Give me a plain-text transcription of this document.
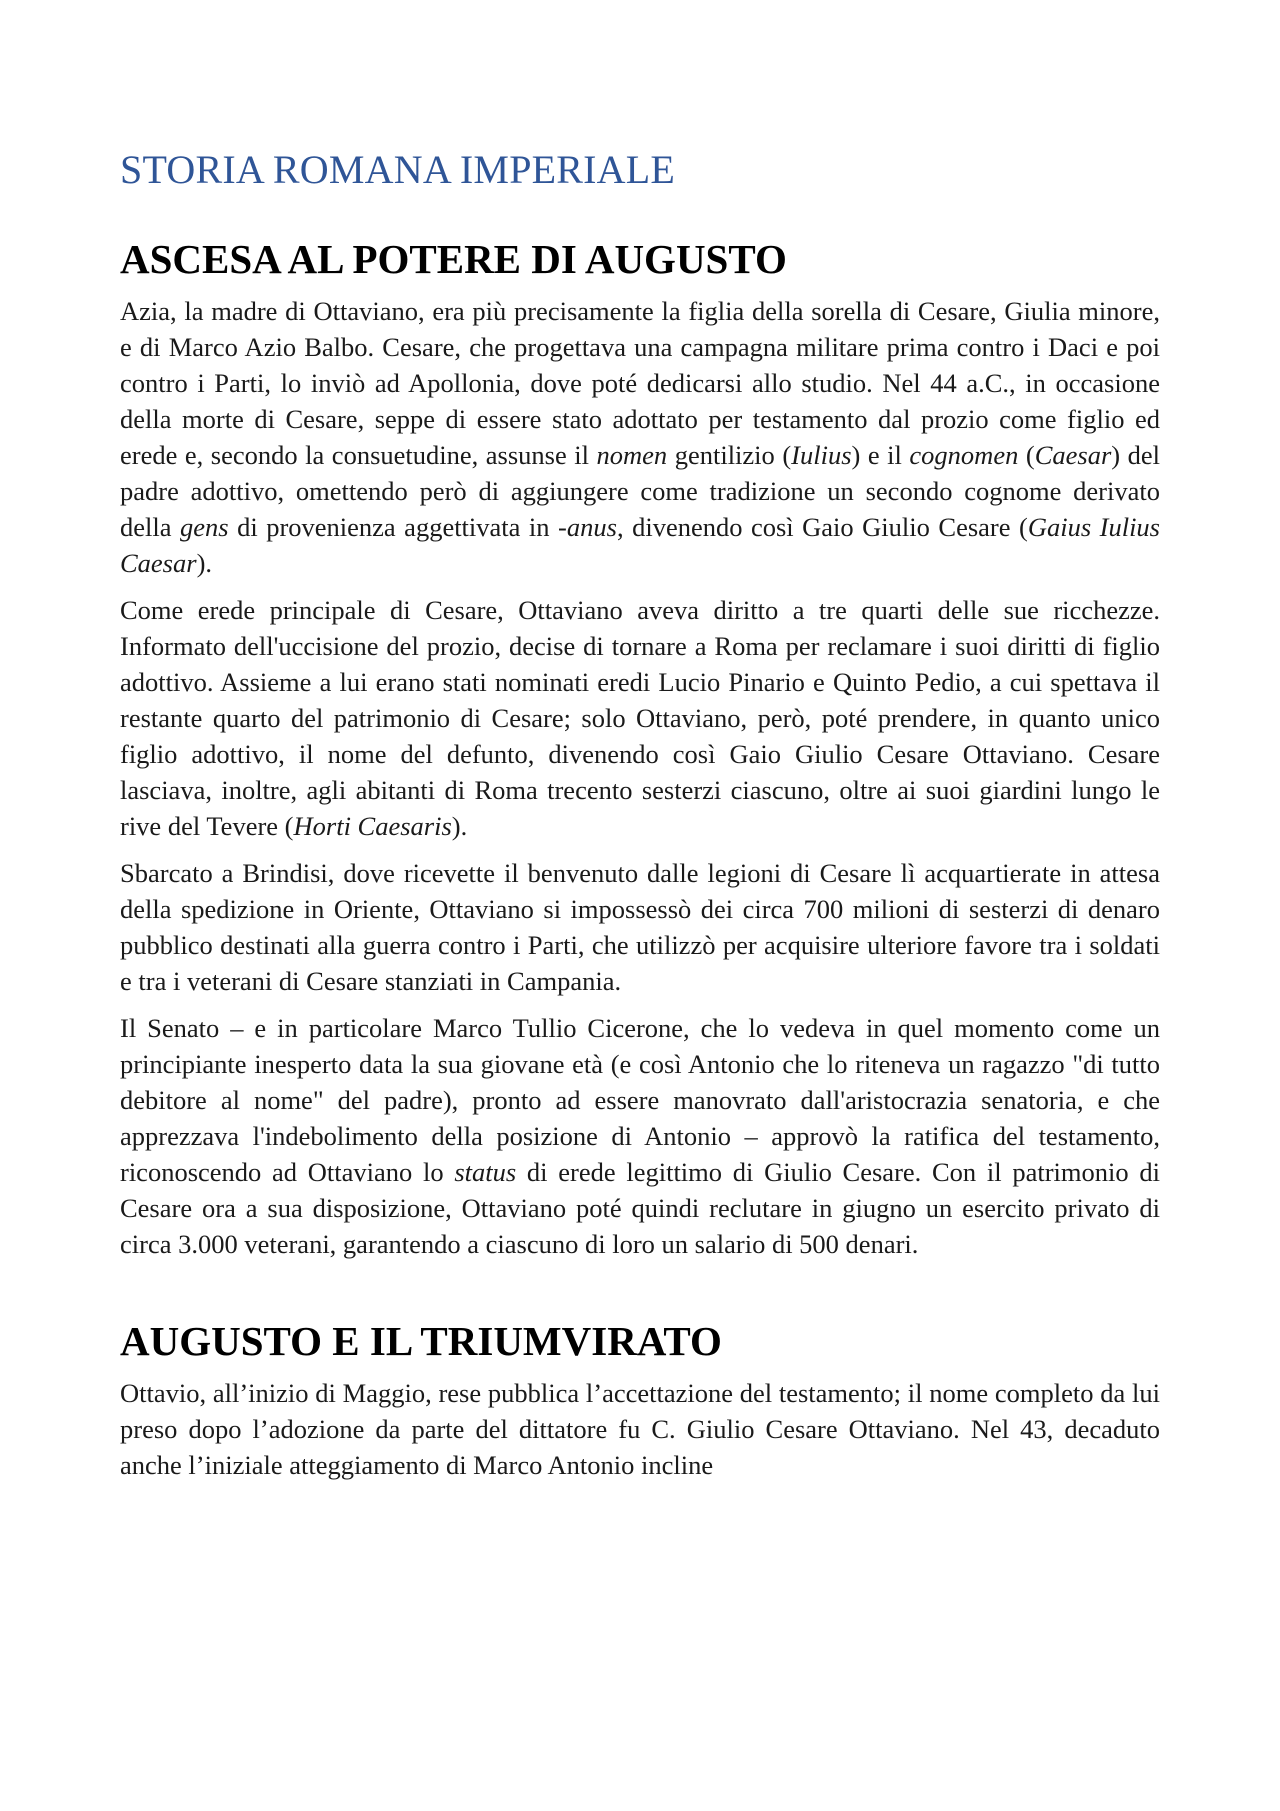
STORIA ROMANA IMPERIALE
ASCESA AL POTERE DI AUGUSTO

Azia, la madre di Ottaviano, era più precisamente la figlia della sorella di Cesare, Giulia minore, e di Marco Azio Balbo. Cesare, che progettava una campagna militare prima contro i Daci e poi contro i Parti, lo inviò ad Apollonia, dove poté dedicarsi allo studio. Nel 44 a.C., in occasione della morte di Cesare, seppe di essere stato adottato per testamento dal prozio come figlio ed erede e, secondo la consuetudine, assunse il nomen gentilizio (Iulius) e il cognomen (Caesar) del padre adottivo, omettendo però di aggiungere come tradizione un secondo cognome derivato della gens di provenienza aggettivata in -anus, divenendo così Gaio Giulio Cesare (Gaius Iulius Caesar).

Come erede principale di Cesare, Ottaviano aveva diritto a tre quarti delle sue ricchezze. Informato dell'uccisione del prozio, decise di tornare a Roma per reclamare i suoi diritti di figlio adottivo. Assieme a lui erano stati nominati eredi Lucio Pinario e Quinto Pedio, a cui spettava il restante quarto del patrimonio di Cesare; solo Ottaviano, però, poté prendere, in quanto unico figlio adottivo, il nome del defunto, divenendo così Gaio Giulio Cesare Ottaviano. Cesare lasciava, inoltre, agli abitanti di Roma trecento sesterzi ciascuno, oltre ai suoi giardini lungo le rive del Tevere (Horti Caesaris).

Sbarcato a Brindisi, dove ricevette il benvenuto dalle legioni di Cesare lì acquartierate in attesa della spedizione in Oriente, Ottaviano si impossessò dei circa 700 milioni di sesterzi di denaro pubblico destinati alla guerra contro i Parti, che utilizzò per acquisire ulteriore favore tra i soldati e tra i veterani di Cesare stanziati in Campania.

Il Senato – e in particolare Marco Tullio Cicerone, che lo vedeva in quel momento come un principiante inesperto data la sua giovane età (e così Antonio che lo riteneva un ragazzo "di tutto debitore al nome" del padre), pronto ad essere manovrato dall'aristocrazia senatoria, e che apprezzava l'indebolimento della posizione di Antonio – approvò la ratifica del testamento, riconoscendo ad Ottaviano lo status di erede legittimo di Giulio Cesare. Con il patrimonio di Cesare ora a sua disposizione, Ottaviano poté quindi reclutare in giugno un esercito privato di circa 3.000 veterani, garantendo a ciascuno di loro un salario di 500 denari.

AUGUSTO E IL TRIUMVIRATO

Ottavio, all’inizio di Maggio, rese pubblica l’accettazione del testamento; il nome completo da lui preso dopo l’adozione da parte del dittatore fu C. Giulio Cesare Ottaviano. Nel 43, decaduto anche l’iniziale atteggiamento di Marco Antonio incline
